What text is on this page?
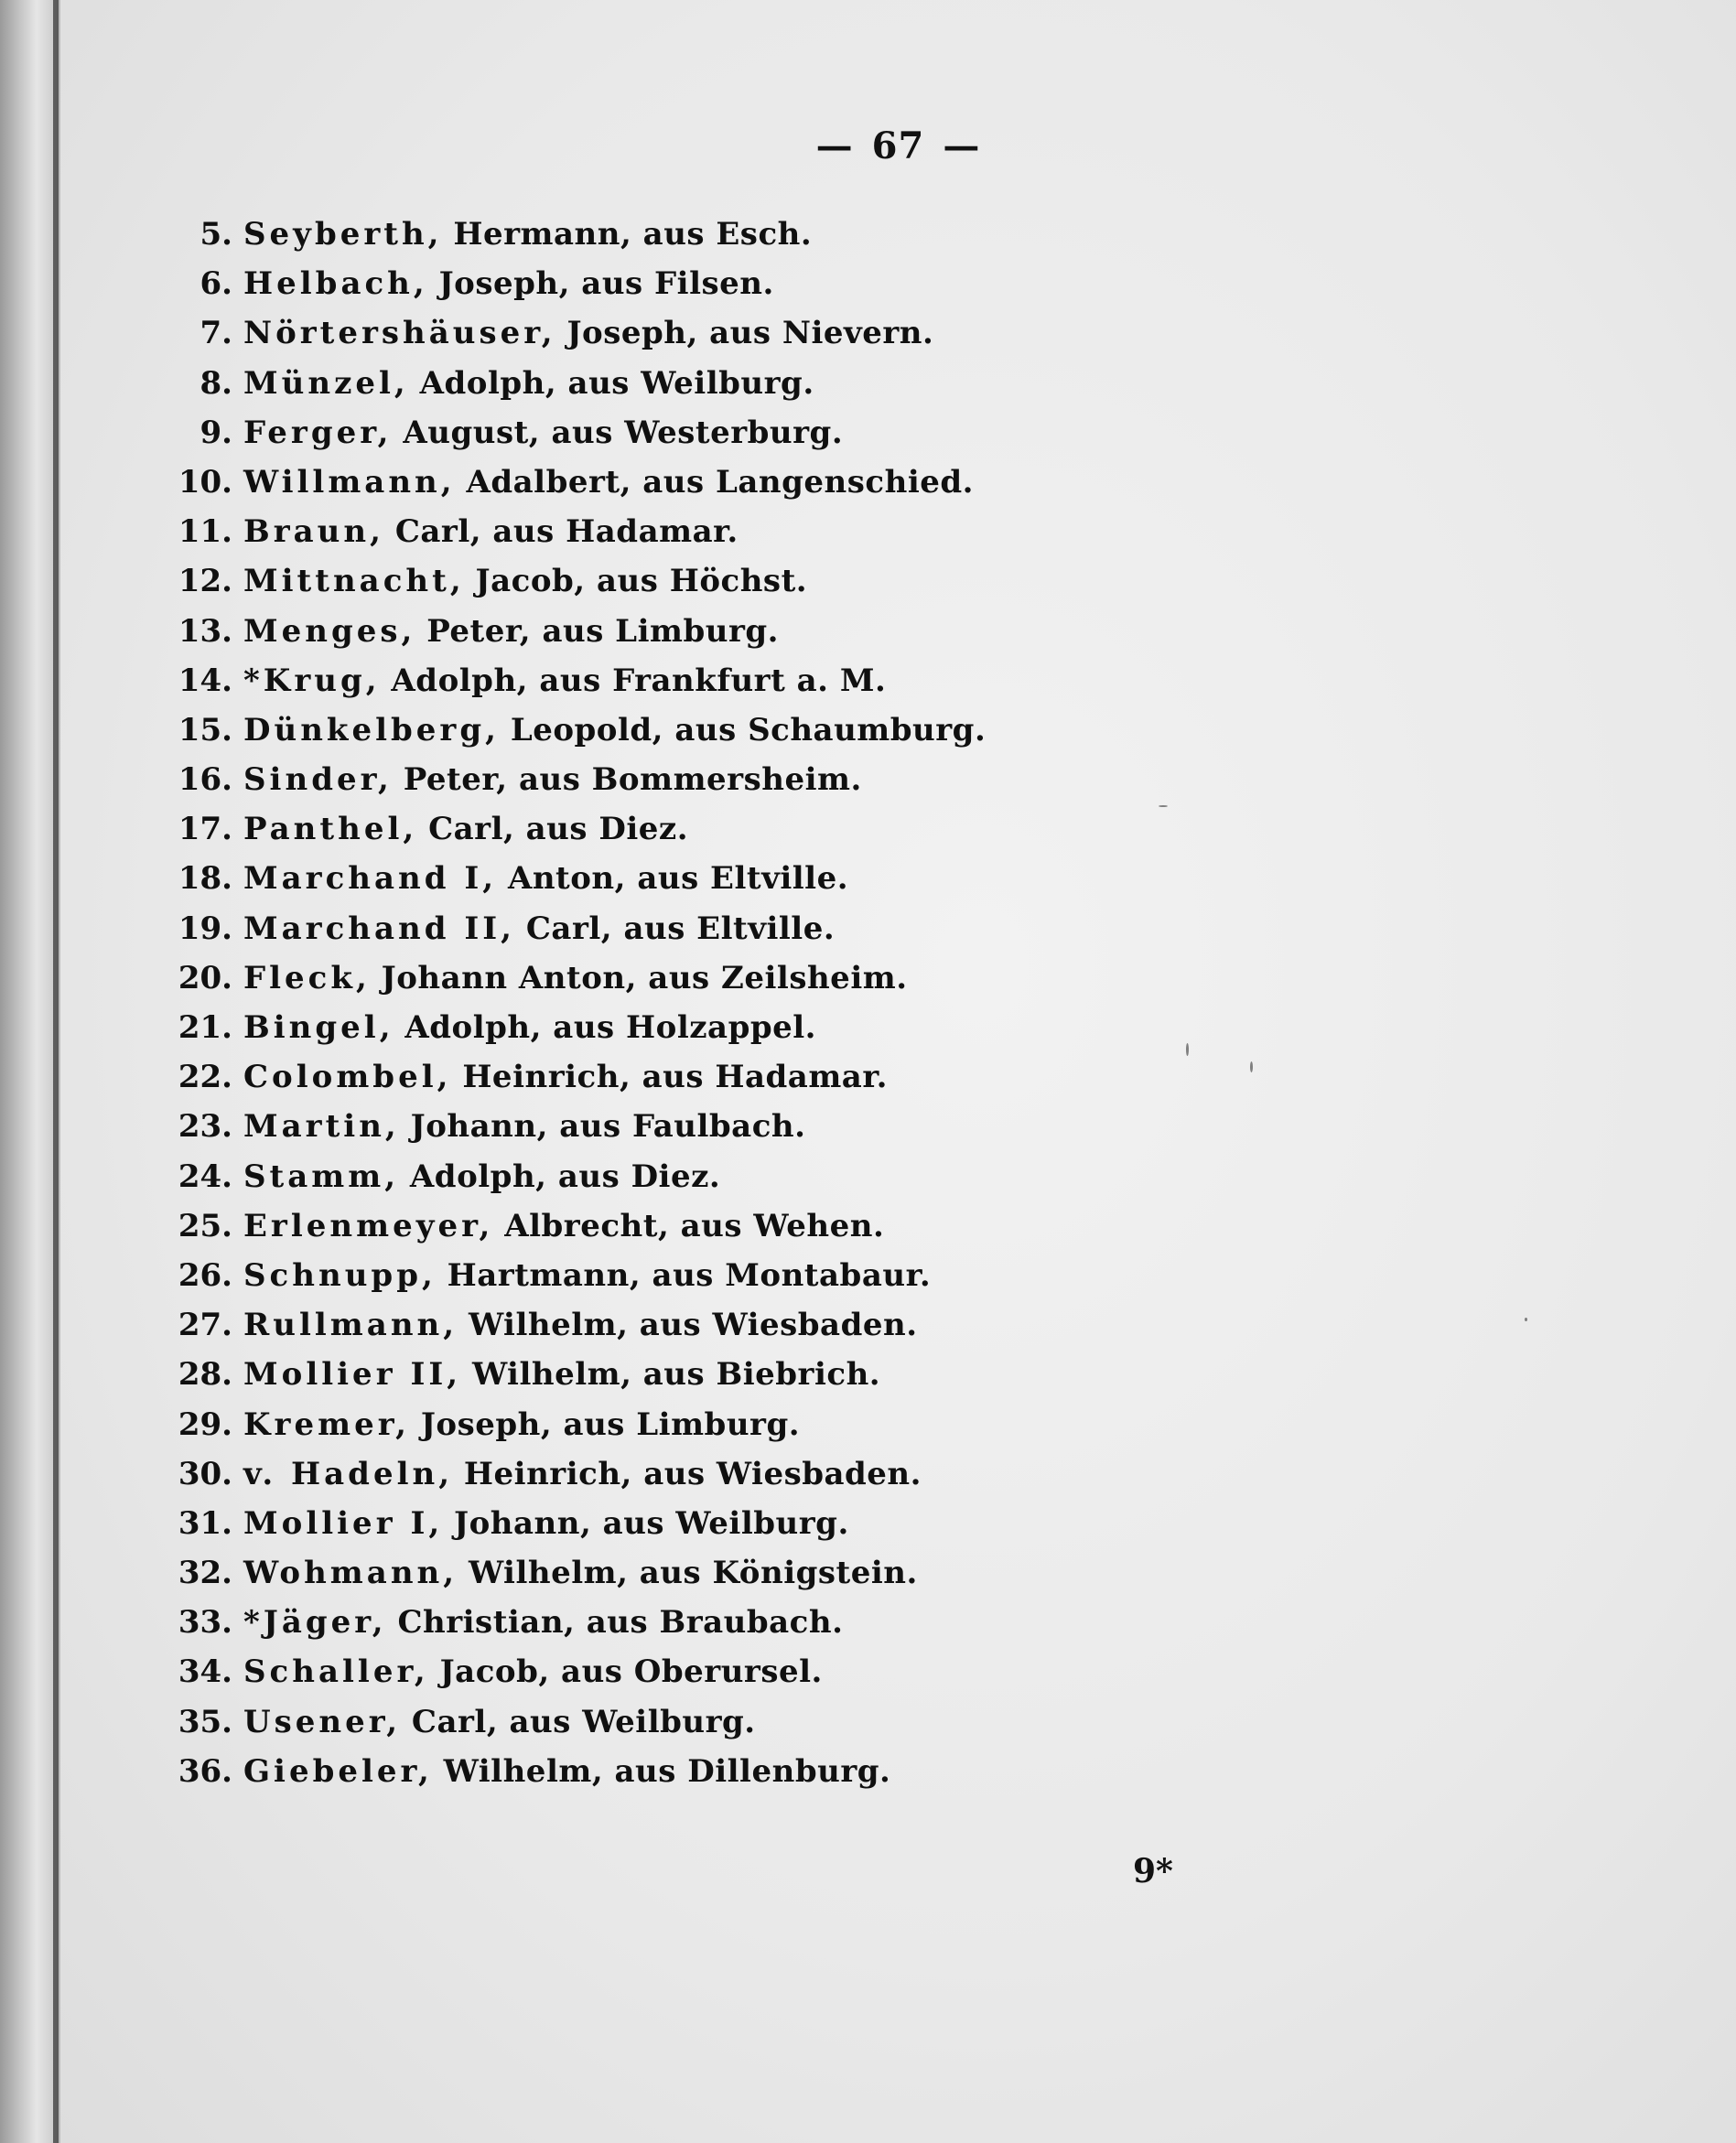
— 67 —
5. Seyberth, Hermann, aus Esch.
6. Helbach, Joseph, aus Filsen.
7. Nörtershäuser, Joseph, aus Nievern.
8. Münzel, Adolph, aus Weilburg.
9. Ferger, August, aus Westerburg.
10. Willmann, Adalbert, aus Langenschied.
11. Braun, Carl, aus Hadamar.
12. Mittnacht, Jacob, aus Höchst.
13. Menges, Peter, aus Limburg.
14. *Krug, Adolph, aus Frankfurt a. M.
15. Dünkelberg, Leopold, aus Schaumburg.
16. Sinder, Peter, aus Bommersheim.
17. Panthel, Carl, aus Diez.
18. Marchand I, Anton, aus Eltville.
19. Marchand II, Carl, aus Eltville.
20. Fleck, Johann Anton, aus Zeilsheim.
21. Bingel, Adolph, aus Holzappel.
22. Colombel, Heinrich, aus Hadamar.
23. Martin, Johann, aus Faulbach.
24. Stamm, Adolph, aus Diez.
25. Erlenmeyer, Albrecht, aus Wehen.
26. Schnupp, Hartmann, aus Montabaur.
27. Rullmann, Wilhelm, aus Wiesbaden.
28. Mollier II, Wilhelm, aus Biebrich.
29. Kremer, Joseph, aus Limburg.
30. v. Hadeln, Heinrich, aus Wiesbaden.
31. Mollier I, Johann, aus Weilburg.
32. Wohmann, Wilhelm, aus Königstein.
33. *Jäger, Christian, aus Braubach.
34. Schaller, Jacob, aus Oberursel.
35. Usener, Carl, aus Weilburg.
36. Giebeler, Wilhelm, aus Dillenburg.
9*
